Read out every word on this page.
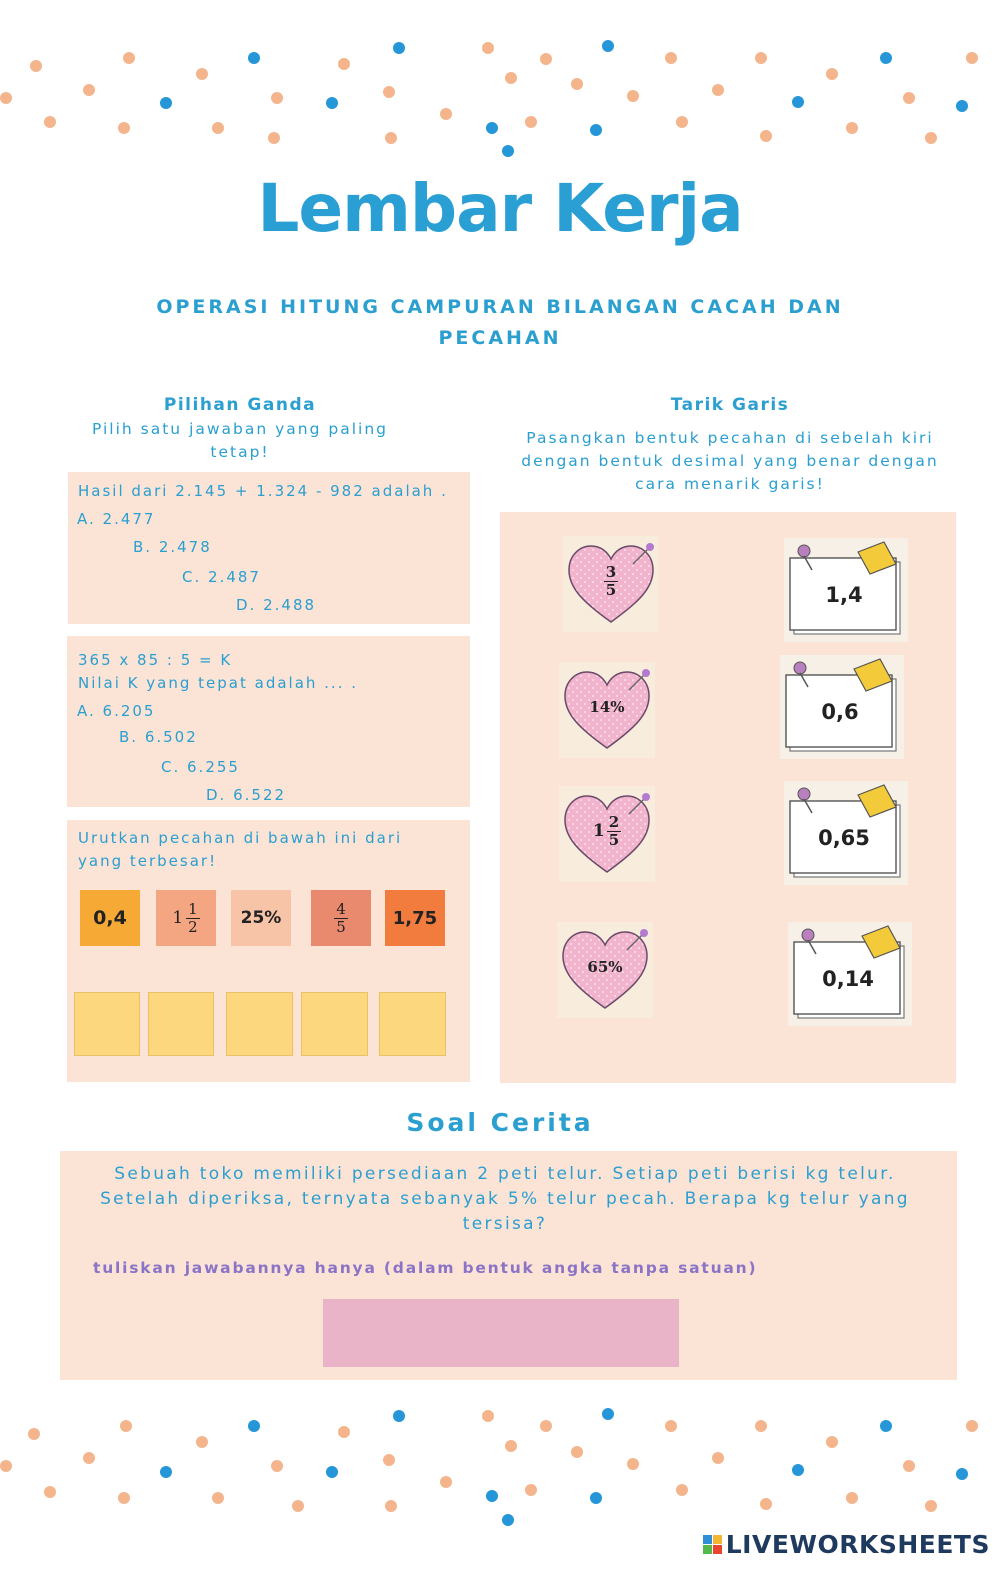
Lembar Kerja
OPERASI HITUNG CAMPURAN BILANGAN CACAH DAN PECAHAN
Pilihan Ganda
Pilih satu jawaban yang paling tetap!
Hasil dari 2.145 + 1.324 - 982 adalah .
A. 2.477
B. 2.478
C. 2.487
D. 2.488
365 x 85 : 5 = K
Nilai K yang tepat adalah ... .
A. 6.205
B. 6.502
C. 6.255
D. 6.522
Urutkan pecahan di bawah ini dari
yang terbesar!
0,4	$1 \frac{1}{2} 25\%$	$\frac{4}{5}$	1,75
Tarik Garis
Pasangkan bentuk pecahan di sebelah kiri dengan bentuk desimal yang benar dengan cara menarik garis!
$\frac{3}{5}$
14%
$1 \frac{2}{5}$
65%
1,4
0,6
0,65
0,14
Soal Cerita
Sebuah toko memiliki persediaan 2 peti telur. Setiap peti berisi kg telur. Setelah diperiksa, ternyata sebanyak 5% telur pecah. Berapa kg telur yang tersisa?
tuliskan jawabannya hanya (dalam bentuk angka tanpa satuan)
LIVEWORKSHEETS
